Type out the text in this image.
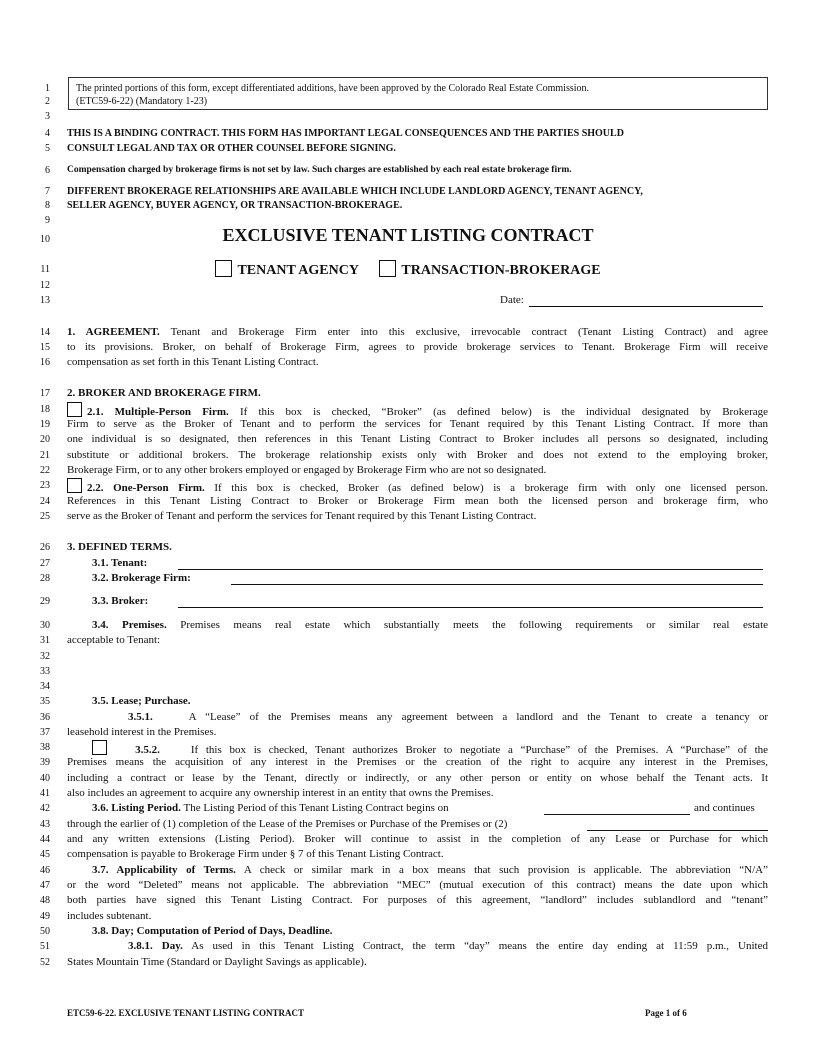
1
2
3
4
5
6
7
8
9
10
11
12
13
14
15
16
17
18
19
20
21
22
23
24
25
26
27
28
29
30
31
32
33
34
35
36
37
38
39
40
41
42
43
44
45
46
47
48
49
50
51
52
The printed portions of this form, except differentiated additions, have been approved by the Colorado Real Estate Commission.
(ETC59-6-22) (Mandatory 1-23)
THIS IS A BINDING CONTRACT. THIS FORM HAS IMPORTANT LEGAL CONSEQUENCES AND THE PARTIES SHOULD
CONSULT LEGAL AND TAX OR OTHER COUNSEL BEFORE SIGNING.
Compensation charged by brokerage firms is not set by law. Such charges are established by each real estate brokerage firm.
DIFFERENT BROKERAGE RELATIONSHIPS ARE AVAILABLE WHICH INCLUDE LANDLORD AGENCY, TENANT AGENCY,
SELLER AGENCY, BUYER AGENCY, OR TRANSACTION-BROKERAGE.
EXCLUSIVE TENANT LISTING CONTRACT
TENANT AGENCY	TRANSACTION-BROKERAGE
Date:
1. AGREEMENT. Tenant and Brokerage Firm enter into this exclusive, irrevocable contract (Tenant Listing Contract) and agree
to its provisions. Broker, on behalf of Brokerage Firm, agrees to provide brokerage services to Tenant. Brokerage Firm will receive
compensation as set forth in this Tenant Listing Contract.
2. BROKER AND BROKERAGE FIRM.
2.1. Multiple-Person Firm. If this box is checked, “Broker” (as defined below) is the individual designated by Brokerage
Firm to serve as the Broker of Tenant and to perform the services for Tenant required by this Tenant Listing Contract. If more than
one individual is so designated, then references in this Tenant Listing Contract to Broker includes all persons so designated, including
substitute or additional brokers. The brokerage relationship exists only with Broker and does not extend to the employing broker,
Brokerage Firm, or to any other brokers employed or engaged by Brokerage Firm who are not so designated.
2.2. One-Person Firm. If this box is checked, Broker (as defined below) is a brokerage firm with only one licensed person.
References in this Tenant Listing Contract to Broker or Brokerage Firm mean both the licensed person and brokerage firm, who
serve as the Broker of Tenant and perform the services for Tenant required by this Tenant Listing Contract.
3. DEFINED TERMS.
3.1. Tenant:
3.2. Brokerage Firm:
3.3. Broker:
3.4. Premises. Premises means real estate which substantially meets the following requirements or similar real estate
acceptable to Tenant:
3.5. Lease; Purchase.
3.5.1.	A “Lease” of the Premises means any agreement between a landlord and the Tenant to create a tenancy or
leasehold interest in the Premises.
3.5.2.	If this box is checked, Tenant authorizes Broker to negotiate a “Purchase” of the Premises. A “Purchase” of the
Premises means the acquisition of any interest in the Premises or the creation of the right to acquire any interest in the Premises,
including a contract or lease by the Tenant, directly or indirectly, or any other person or entity on whose behalf the Tenant acts. It
also includes an agreement to acquire any ownership interest in an entity that owns the Premises.
3.6. Listing Period. The Listing Period of this Tenant Listing Contract begins on	and continues
through the earlier of (1) completion of the Lease of the Premises or Purchase of the Premises or (2)
and any written extensions (Listing Period). Broker will continue to assist in the completion of any Lease or Purchase for which
compensation is payable to Brokerage Firm under § 7 of this Tenant Listing Contract.
3.7. Applicability of Terms. A check or similar mark in a box means that such provision is applicable. The abbreviation “N/A”
or the word “Deleted” means not applicable. The abbreviation “MEC” (mutual execution of this contract) means the date upon which
both parties have signed this Tenant Listing Contract. For purposes of this agreement, “landlord” includes sublandlord and “tenant”
includes subtenant.
3.8. Day; Computation of Period of Days, Deadline.
3.8.1. Day. As used in this Tenant Listing Contract, the term “day” means the entire day ending at 11:59 p.m., United
States Mountain Time (Standard or Daylight Savings as applicable).
ETC59-6-22. EXCLUSIVE TENANT LISTING CONTRACT	Page 1 of 6
